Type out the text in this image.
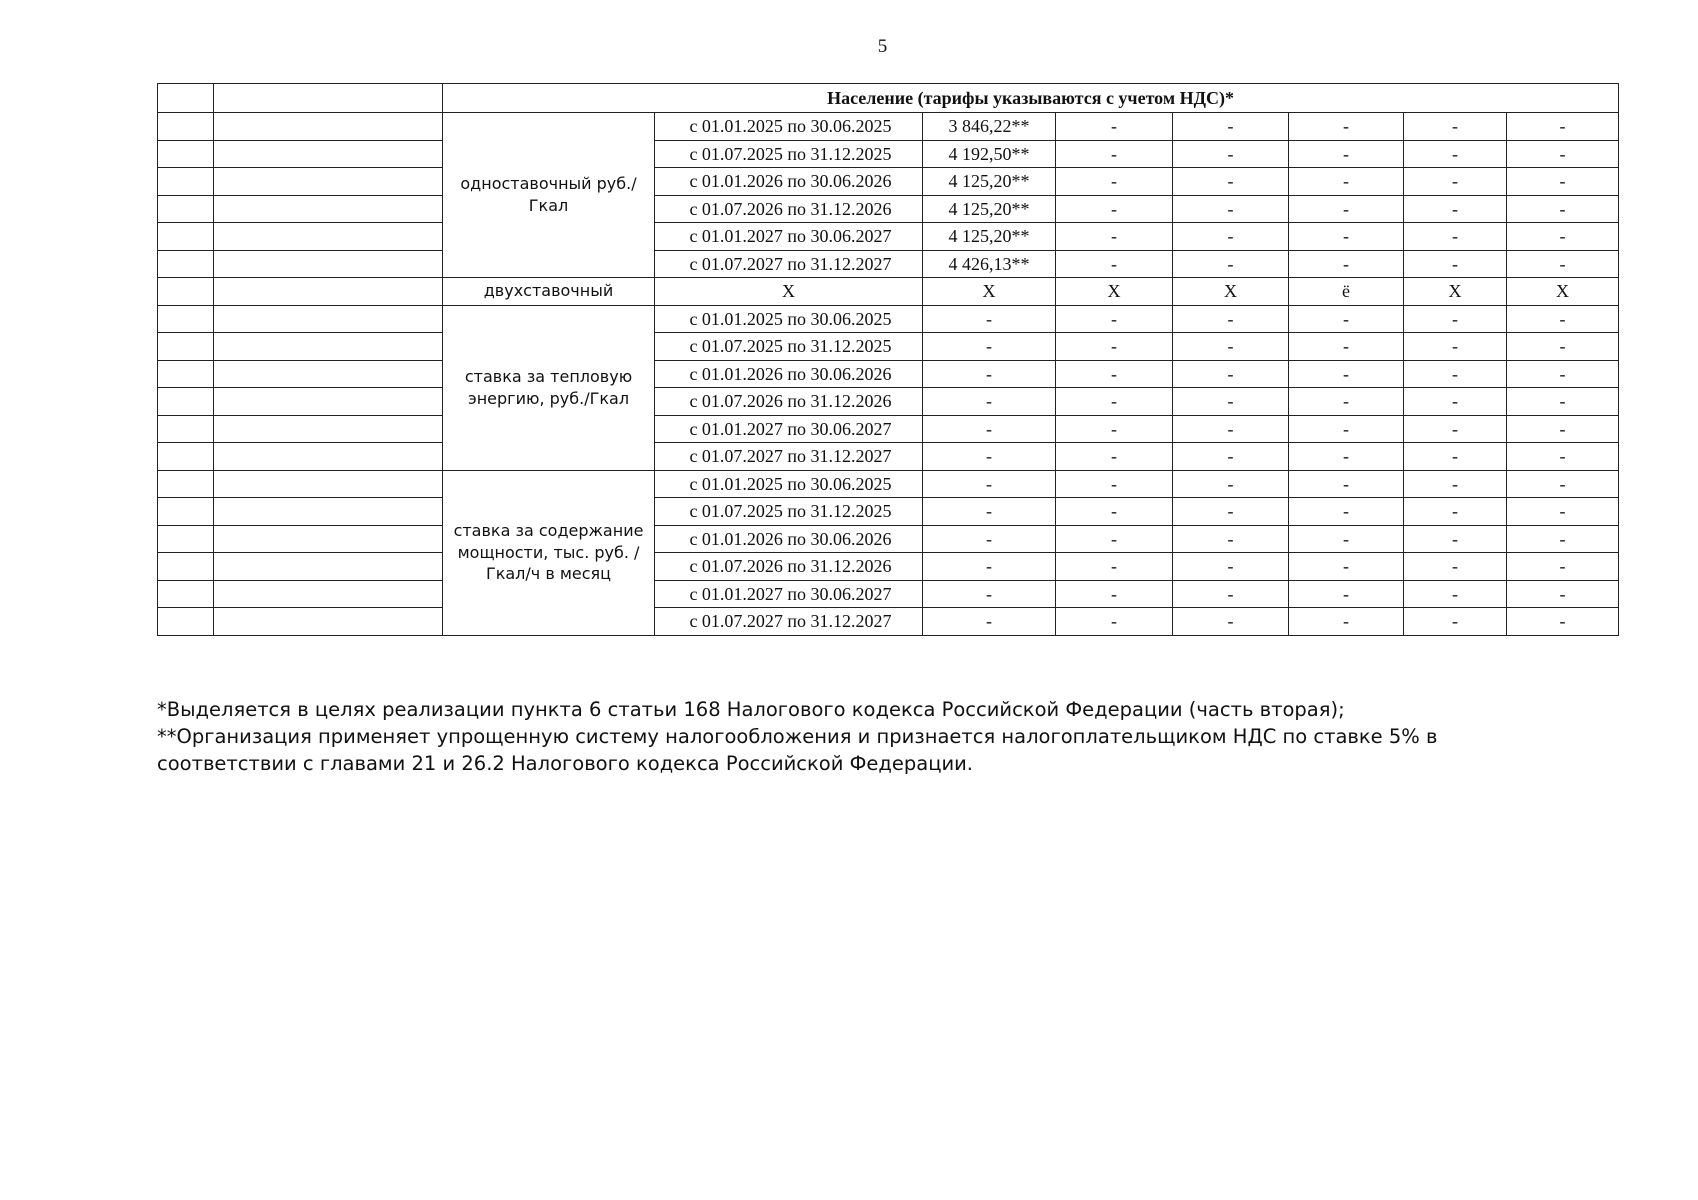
5
		Население (тарифы указываются с учетом НДС)*							
		одноставочный руб./Гкал	с 01.01.2025 по 30.06.2025	3 846,22**	-	-	-	-	-
			с 01.07.2025 по 31.12.2025	4 192,50**	-	-	-	-	-
			с 01.01.2026 по 30.06.2026	4 125,20**	-	-	-	-	-
			с 01.07.2026 по 31.12.2026	4 125,20**	-	-	-	-	-
			с 01.01.2027 по 30.06.2027	4 125,20**	-	-	-	-	-
			с 01.07.2027 по 31.12.2027	4 426,13**	-	-	-	-	-
		двухставочный	Х	Х	Х	Х	ё	Х	Х
		ставка за тепловую энергию, руб./Гкал	с 01.01.2025 по 30.06.2025	-	-	-	-	-	-
			с 01.07.2025 по 31.12.2025	-	-	-	-	-	-
			с 01.01.2026 по 30.06.2026	-	-	-	-	-	-
			с 01.07.2026 по 31.12.2026	-	-	-	-	-	-
			с 01.01.2027 по 30.06.2027	-	-	-	-	-	-
			с 01.07.2027 по 31.12.2027	-	-	-	-	-	-
		ставка за содержание мощности, тыс. руб. /Гкал/ч в месяц	с 01.01.2025 по 30.06.2025	-	-	-	-	-	-
			с 01.07.2025 по 31.12.2025	-	-	-	-	-	-
			с 01.01.2026 по 30.06.2026	-	-	-	-	-	-
			с 01.07.2026 по 31.12.2026	-	-	-	-	-	-
			с 01.01.2027 по 30.06.2027	-	-	-	-	-	-
			с 01.07.2027 по 31.12.2027	-	-	-	-	-	-

*Выделяется в целях реализации пункта 6 статьи 168 Налогового кодекса Российской Федерации (часть вторая);

**Организация применяет упрощенную систему налогообложения и признается налогоплательщиком НДС по ставке 5% в соответствии с главами 21 и 26.2 Налогового кодекса Российской Федерации.
